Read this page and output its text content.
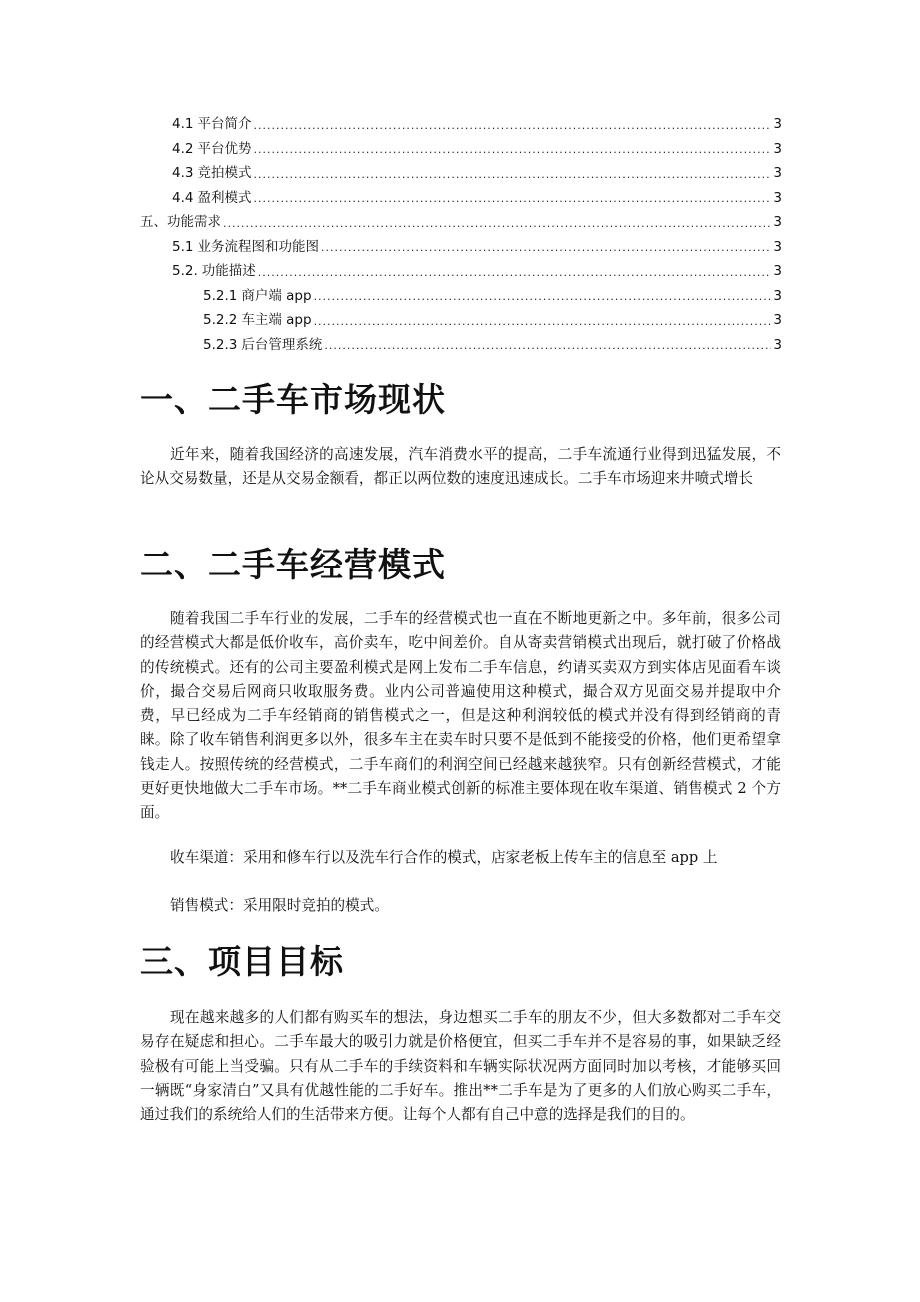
4.1 平台简介 .....	3
4.2 平台优势 .....	3
4.3 竞拍模式 .....	3
4.4 盈利模式 .....	3
五、功能需求 .....	3
5.1 业务流程图和功能图 .....	3
5.2. 功能描述 .....	3
5.2.1 商户端 app .....	3
5.2.2 车主端 app .....	3
5.2.3 后台管理系统 .....	3
一、二手车市场现状

近年来，随着我国经济的高速发展，汽车消费水平的提高，二手车流通行业得到迅猛发展，不论从交易数量，还是从交易金额看，都正以两位数的速度迅速成长。二手车市场迎来井喷式增长

二、二手车经营模式

随着我国二手车行业的发展，二手车的经营模式也一直在不断地更新之中。多年前，很多公司的经营模式大都是低价收车，高价卖车，吃中间差价。自从寄卖营销模式出现后，就打破了价格战的传统模式。还有的公司主要盈利模式是网上发布二手车信息，约请买卖双方到实体店见面看车谈价，撮合交易后网商只收取服务费。业内公司普遍使用这种模式，撮合双方见面交易并提取中介费，早已经成为二手车经销商的销售模式之一，但是这种利润较低的模式并没有得到经销商的青睐。除了收车销售利润更多以外，很多车主在卖车时只要不是低到不能接受的价格，他们更希望拿钱走人。按照传统的经营模式，二手车商们的利润空间已经越来越狭窄。只有创新经营模式，才能更好更快地做大二手车市场。**二手车商业模式创新的标准主要体现在收车渠道、销售模式 2 个方面。

收车渠道：采用和修车行以及洗车行合作的模式，店家老板上传车主的信息至 app 上

销售模式：采用限时竞拍的模式。

三、项目目标

现在越来越多的人们都有购买车的想法，身边想买二手车的朋友不少，但大多数都对二手车交易存在疑虑和担心。二手车最大的吸引力就是价格便宜，但买二手车并不是容易的事，如果缺乏经验极有可能上当受骗。只有从二手车的手续资料和车辆实际状况两方面同时加以考核，才能够买回一辆既“身家清白”又具有优越性能的二手好车。推出**二手车是为了更多的人们放心购买二手车，通过我们的系统给人们的生活带来方便。让每个人都有自己中意的选择是我们的目的。
